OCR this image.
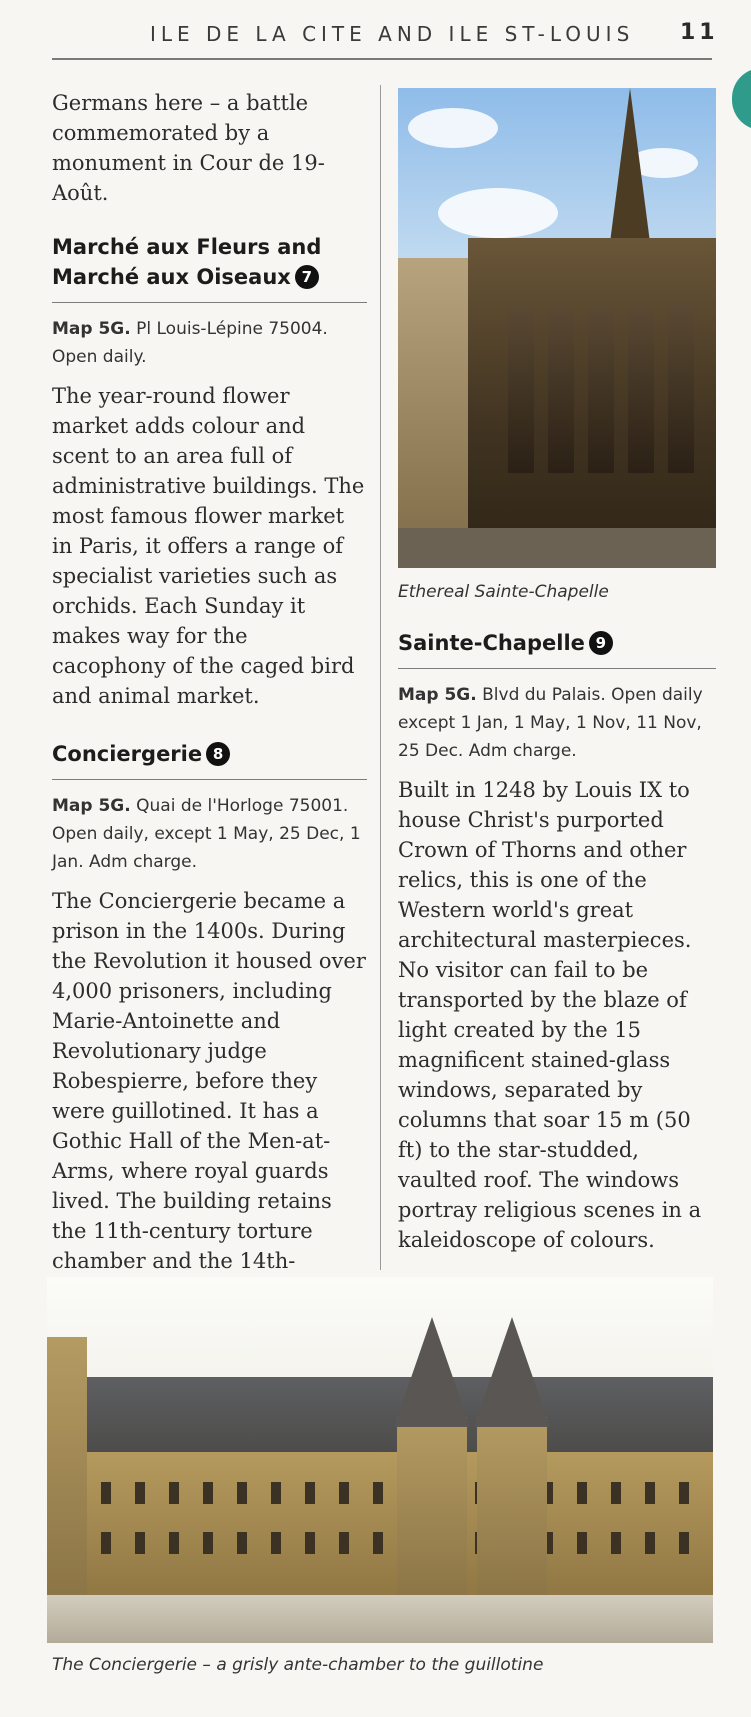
ILE DE LA CITE AND ILE ST-LOUIS 11

Germans here – a battle commemorated by a monument in Cour de 19-Août.

Marché aux Fleurs and Marché aux Oiseaux 7

Map 5G. Pl Louis-Lépine 75004. Open daily.

The year-round flower market adds colour and scent to an area full of administrative buildings. The most famous flower market in Paris, it offers a range of specialist varieties such as orchids. Each Sunday it makes way for the cacophony of the caged bird and animal market.

Conciergerie 8

Map 5G. Quai de l'Horloge 75001. Open daily, except 1 May, 25 Dec, 1 Jan. Adm charge.

The Conciergerie became a prison in the 1400s. During the Revolution it housed over 4,000 prisoners, including Marie-Antoinette and Revolutionary judge Robespierre, before they were guillotined. It has a Gothic Hall of the Men-at-Arms, where royal guards lived. The building retains the 11th-century torture chamber and the 14th-

Ethereal Sainte-Chapelle

Sainte-Chapelle 9

Map 5G. Blvd du Palais. Open daily except 1 Jan, 1 May, 1 Nov, 11 Nov, 25 Dec. Adm charge.

Built in 1248 by Louis IX to house Christ's purported Crown of Thorns and other relics, this is one of the Western world's great architectural masterpieces. No visitor can fail to be transported by the blaze of light created by the 15 magnificent stained-glass windows, separated by columns that soar 15 m (50 ft) to the star-studded, vaulted roof. The windows portray religious scenes in a kaleidoscope of colours.

The Conciergerie – a grisly ante-chamber to the guillotine
